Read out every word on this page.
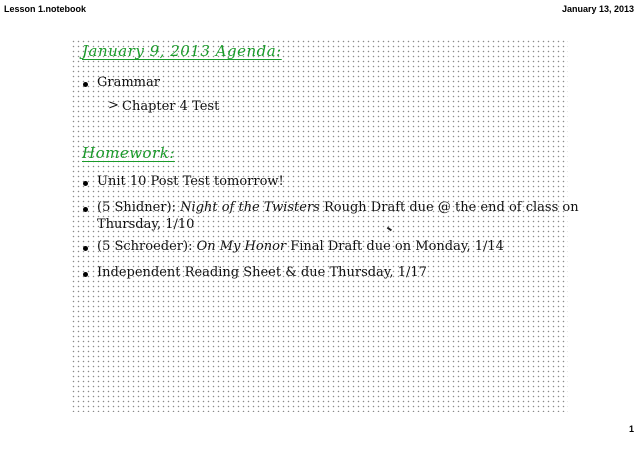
Lesson 1.notebook	January 13, 2013
January 9, 2013 Agenda:
Grammar
> Chapter 4 Test
Homework:
Unit 10 Post Test tomorrow!
(5 Shidner): Night of the Twisters Rough Draft due @ the end of class on
Thursday, 1/10
(5 Schroeder): On My Honor Final Draft due on Monday, 1/14
Independent Reading Sheet & due Thursday, 1/17
1
